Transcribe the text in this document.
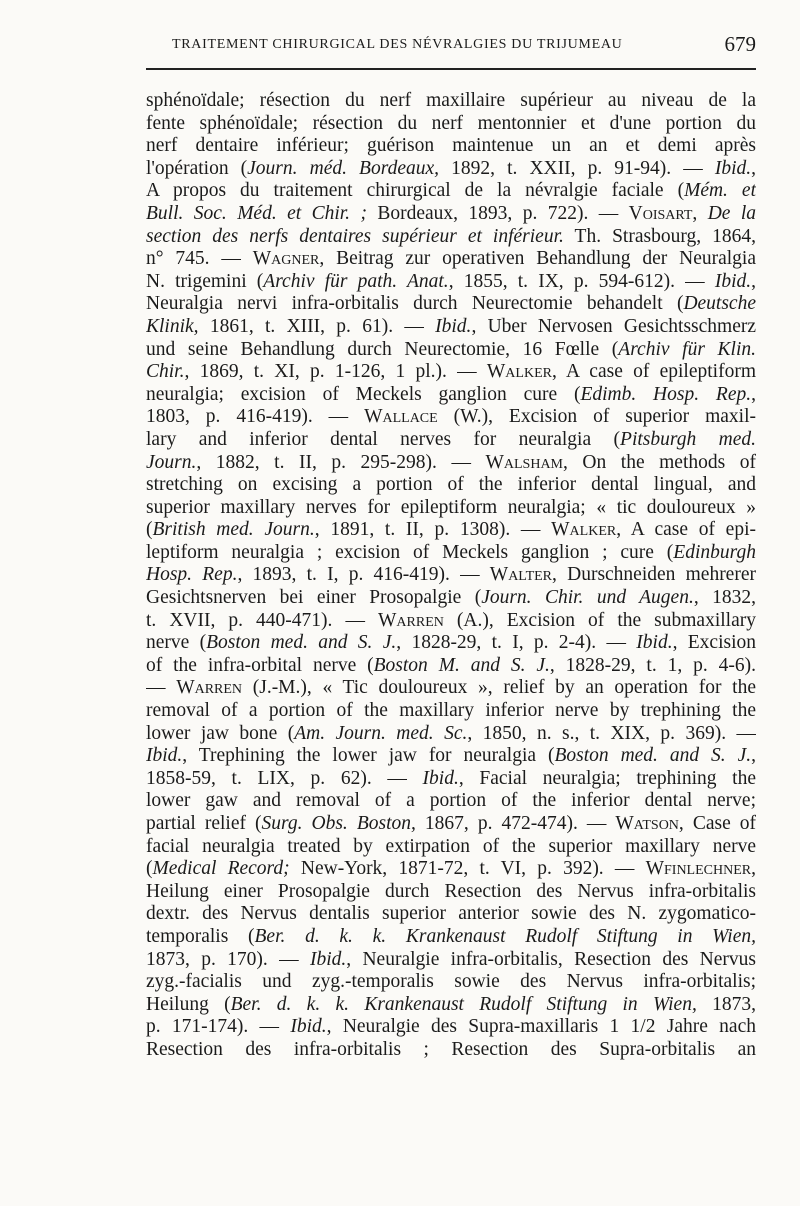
TRAITEMENT CHIRURGICAL DES NÉVRALGIES DU TRIJUMEAU	679
sphénoïdale; résection du nerf maxillaire supérieur au niveau de la
fente sphénoïdale; résection du nerf mentonnier et d'une portion du
nerf dentaire inférieur; guérison maintenue un an et demi après
l'opération (Journ. méd. Bordeaux, 1892, t. XXII, p. 91-94). — Ibid.,
A propos du traitement chirurgical de la névralgie faciale (Mém. et
Bull. Soc. Méd. et Chir. ; Bordeaux, 1893, p. 722). — Voisart, De la
section des nerfs dentaires supérieur et inférieur. Th. Strasbourg, 1864,
n° 745. — Wagner, Beitrag zur operativen Behandlung der Neuralgia
N. trigemini (Archiv für path. Anat., 1855, t. IX, p. 594-612). — Ibid.,
Neuralgia nervi infra-orbitalis durch Neurectomie behandelt (Deutsche
Klinik, 1861, t. XIII, p. 61). — Ibid., Uber Nervosen Gesichtsschmerz
und seine Behandlung durch Neurectomie, 16 Fœlle (Archiv für Klin.
Chir., 1869, t. XI, p. 1-126, 1 pl.). — Walker, A case of epileptiform
neuralgia; excision of Meckels ganglion cure (Edimb. Hosp. Rep.,
1803, p. 416-419). — Wallace (W.), Excision of superior maxil-
lary and inferior dental nerves for neuralgia (Pitsburgh med.
Journ., 1882, t. II, p. 295-298). — Walsham, On the methods of
stretching on excising a portion of the inferior dental lingual, and
superior maxillary nerves for epileptiform neuralgia; « tic douloureux »
(British med. Journ., 1891, t. II, p. 1308). — Walker, A case of epi-
leptiform neuralgia ; excision of Meckels ganglion ; cure (Edinburgh
Hosp. Rep., 1893, t. I, p. 416-419). — Walter, Durschneiden mehrerer
Gesichtsnerven bei einer Prosopalgie (Journ. Chir. und Augen., 1832,
t. XVII, p. 440-471). — Warren (A.), Excision of the submaxillary
nerve (Boston med. and S. J., 1828-29, t. I, p. 2-4). — Ibid., Excision
of the infra-orbital nerve (Boston M. and S. J., 1828-29, t. 1, p. 4-6).
— Warren (J.-M.), « Tic douloureux », relief by an operation for the
removal of a portion of the maxillary inferior nerve by trephining the
lower jaw bone (Am. Journ. med. Sc., 1850, n. s., t. XIX, p. 369). —
Ibid., Trephining the lower jaw for neuralgia (Boston med. and S. J.,
1858-59, t. LIX, p. 62). — Ibid., Facial neuralgia; trephining the
lower gaw and removal of a portion of the inferior dental nerve;
partial relief (Surg. Obs. Boston, 1867, p. 472-474). — Watson, Case of
facial neuralgia treated by extirpation of the superior maxillary nerve
(Medical Record; New-York, 1871-72, t. VI, p. 392). — Wfinlechner,
Heilung einer Prosopalgie durch Resection des Nervus infra-orbitalis
dextr. des Nervus dentalis superior anterior sowie des N. zygomatico-
temporalis (Ber. d. k. k. Krankenaust Rudolf Stiftung in Wien,
1873, p. 170). — Ibid., Neuralgie infra-orbitalis, Resection des Nervus
zyg.-facialis und zyg.-temporalis sowie des Nervus infra-orbitalis;
Heilung (Ber. d. k. k. Krankenaust Rudolf Stiftung in Wien, 1873,
p. 171-174). — Ibid., Neuralgie des Supra-maxillaris 1 1/2 Jahre nach
Resection des infra-orbitalis ; Resection des Supra-orbitalis an
